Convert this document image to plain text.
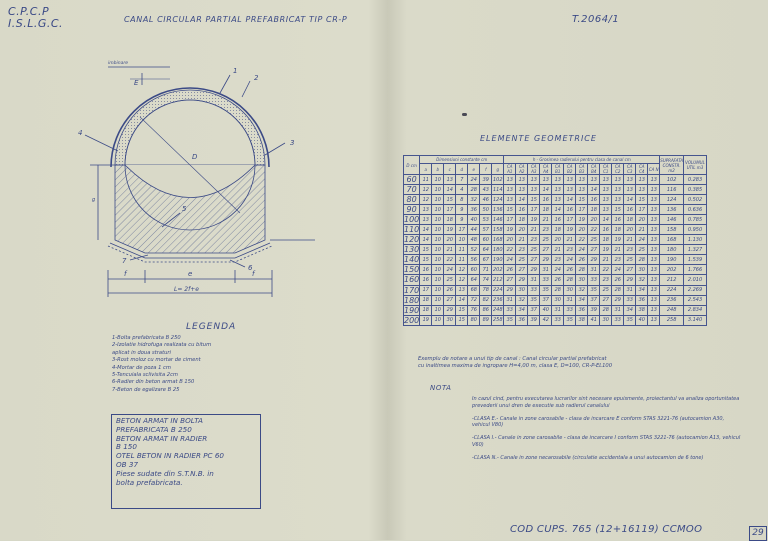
C.P.C.P
I.S.L.G.C.	CANAL CIRCULAR PARTIAL PREFABRICAT TIP CR-P	T.2064/1
imbinare
E
1
2
3
4
5
6
7
D
g
f	e	f
L= 2f+e
LEGENDA
1-Bolta prefabricata B 250
2-Izolatie hidrofuga realizata cu bitum
aplicat in doua straturi
3-Rost moloz cu mortar de ciment
4-Mortar de poza 1 cm
5-Tencuiala sclivisita 2cm
6-Radier din beton armat B 150
7-Beton de egalizare B 25
BETON ARMAT IN BOLTA
PREFABRICATA B 250
BETON ARMAT IN RADIER
B 150
OTEL BETON IN RADIER PC 60
OB 37
Piese sudate din S.T.N.B. in
bolta prefabricata.
ELEMENTE GEOMETRICE
D cm	Dimensiuni constante cm							h - Grosimea radierului pentru clasa de canal cm													SUPRAFATA CONSTR. m2	VOLUMUL UTIL m3
	a	b	c	d	e	f	g	CA A1	CA A2	CA A3	CA A4	CA B1	CA B2	CA B3	CA B4	CA C1	CA C2	CA C3	CA C4	CA N		
60	11	10	13	7	24	39	102	13	13	13	13	13	13	13	13	13	13	13	13	13	102	0.283
70	12	10	14	4	28	43	114	13	13	13	14	13	13	13	14	13	13	13	13	13	116	0.385
80	12	10	15	8	32	46	124	13	14	15	16	13	14	15	16	13	13	14	15	13	124	0.502
90	13	10	17	9	36	50	136	15	16	17	18	14	16	17	18	13	15	16	17	13	136	0.636
100	13	10	18	9	40	53	146	17	18	19	21	16	17	19	20	14	16	18	20	13	146	0.785
110	14	10	19	17	44	57	158	19	20	21	23	18	19	20	22	16	18	20	21	13	158	0.950
120	14	10	20	10	48	60	168	20	21	23	25	20	21	22	25	18	19	21	24	13	168	1.130
130	15	10	21	11	52	64	180	22	23	25	27	21	23	24	27	19	21	23	25	13	180	1.327
140	15	10	22	11	56	67	190	24	25	27	29	23	24	26	29	21	23	25	28	13	190	1.539
150	16	10	24	12	60	71	202	26	27	29	31	24	26	28	31	22	24	27	30	13	202	1.766
160	16	10	25	12	64	74	212	27	29	31	33	26	28	30	33	23	26	29	32	13	212	2.010
170	17	10	26	13	68	78	224	29	30	33	35	28	30	32	35	25	28	31	34	13	224	2.269
180	18	10	27	14	72	82	236	31	32	35	37	30	31	34	37	27	29	33	36	13	236	2.543
190	18	10	29	15	76	86	248	33	34	37	40	31	33	36	39	28	31	34	38	13	248	2.834
200	19	10	30	15	80	89	258	35	36	39	42	33	35	38	41	30	33	35	40	13	258	3.140
Exemplu de notare a unui tip de canal : Canal circular partial prefabricat
cu inaltimea maxima de ingropare H=4,00 m, clasa E, D=100, CR-P-EL100
NOTA

In cazul cind, pentru executarea lucrarilor sint necesare epuismente, proiectantul va analiza oportunitatea prevederii unui dren de executie sub radierul canalului

-CLASA E.- Canale in zone carosabile - clasa de incarcare E conform STAS 3221-76 (autocamion A30, vehicul V80)

-CLASA I.- Canale in zone carosabile - clasa de incarcare I conform STAS 3221-76 (autocamion A13, vehicul V60)

-CLASA N.- Canale in zone necarosabile (circulatie accidentala a unui autocamion de 6 tone)

COD CUPS. 765 (12+16119) CCMOO	29
